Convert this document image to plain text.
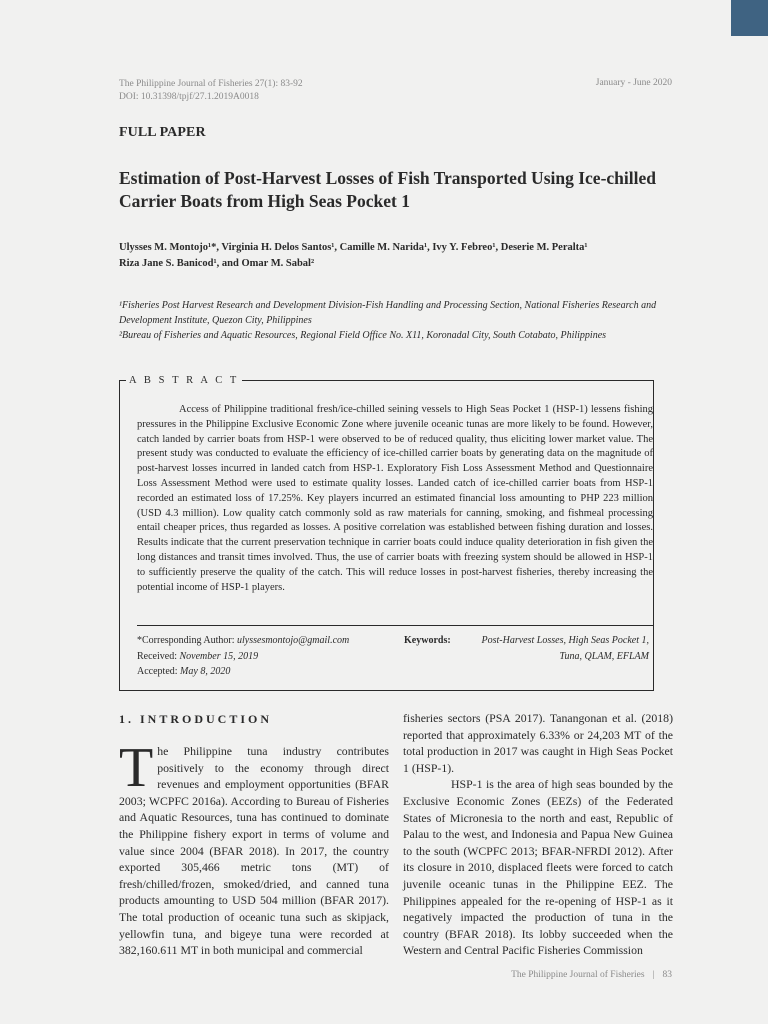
The Philippine Journal of Fisheries 27(1): 83-92
DOI: 10.31398/tpjf/27.1.2019A0018
January - June 2020
FULL PAPER
Estimation of Post-Harvest Losses of Fish Transported Using Ice-chilled Carrier Boats from High Seas Pocket 1
Ulysses M. Montojo¹*, Virginia H. Delos Santos¹, Camille M. Narida¹, Ivy Y. Febreo¹, Deserie M. Peralta¹
Riza Jane S. Banicod¹, and Omar M. Sabal²
¹Fisheries Post Harvest Research and Development Division-Fish Handling and Processing Section, National Fisheries Research and Development Institute, Quezon City, Philippines
²Bureau of Fisheries and Aquatic Resources, Regional Field Office No. X11, Koronadal City, South Cotabato, Philippines
A B S T R A C T

Access of Philippine traditional fresh/ice-chilled seining vessels to High Seas Pocket 1 (HSP-1) lessens fishing pressures in the Philippine Exclusive Economic Zone where juvenile oceanic tunas are more likely to be found. However, catch landed by carrier boats from HSP-1 were observed to be of reduced quality, thus eliciting lower market value. The present study was conducted to evaluate the efficiency of ice-chilled carrier boats by generating data on the magnitude of post-harvest losses incurred in landed catch from HSP-1. Exploratory Fish Loss Assessment Method and Questionnaire Loss Assessment Method were used to estimate quality losses. Landed catch of ice-chilled carrier boats from HSP-1 recorded an estimated loss of 17.25%. Key players incurred an estimated financial loss amounting to PHP 223 million (USD 4.3 million). Low quality catch commonly sold as raw materials for canning, smoking, and fishmeal processing entail cheaper prices, thus regarded as losses. A positive correlation was established between fishing duration and losses. Results indicate that the current preservation technique in carrier boats could induce quality deterioration in fish given the long distances and transit times involved. Thus, the use of carrier boats with freezing system should be allowed in HSP-1 to sufficiently preserve the quality of the catch. This will reduce losses in post-harvest fisheries, thereby increasing the potential income of HSP-1 players.

*Corresponding Author: ulyssesmontojo@gmail.com
Received: November 15, 2019
Accepted: May 8, 2020
Keywords:	Post-Harvest Losses, High Seas Pocket 1, Tuna, QLAM, EFLAM
1. INTRODUCTION
T he Philippine tuna industry contributes positively to the economy through direct revenues and employment opportunities (BFAR 2003; WCPFC 2016a). According to Bureau of Fisheries and Aquatic Resources, tuna has continued to dominate the Philippine fishery export in terms of volume and value since 2004 (BFAR 2018). In 2017, the country exported 305,466 metric tons (MT) of fresh/chilled/frozen, smoked/dried, and canned tuna products amounting to USD 504 million (BFAR 2017). The total production of oceanic tuna such as skipjack, yellowfin tuna, and bigeye tuna were recorded at 382,160.611 MT in both municipal and commercial

fisheries sectors (PSA 2017). Tanangonan et al. (2018) reported that approximately 6.33% or 24,203 MT of the total production in 2017 was caught in High Seas Pocket 1 (HSP-1).

HSP-1 is the area of high seas bounded by the Exclusive Economic Zones (EEZs) of the Federated States of Micronesia to the north and east, Republic of Palau to the west, and Indonesia and Papua New Guinea to the south (WCPFC 2013; BFAR-NFRDI 2012). After its closure in 2010, displaced fleets were forced to catch juvenile oceanic tunas in the Philippine EEZ. The Philippines appealed for the re-opening of HSP-1 as it negatively impacted the production of tuna in the country (BFAR 2018). Its lobby succeeded when the Western and Central Pacific Fisheries Commission

The Philippine Journal of Fisheries | 83
